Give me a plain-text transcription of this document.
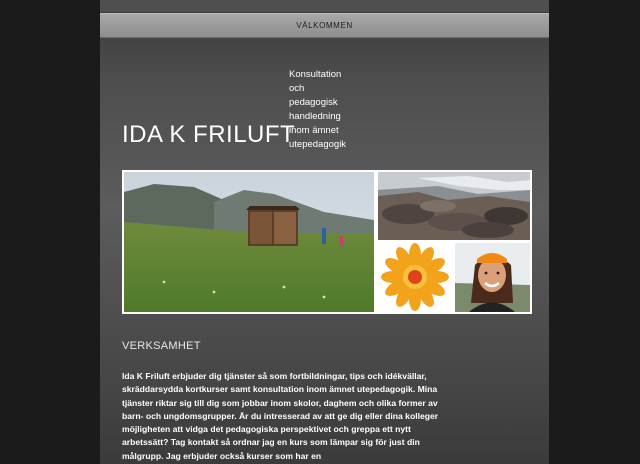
VÄLKOMMEN
IDA K FRILUFT
Konsultation
och
pedagogisk
handledning
inom ämnet
utepedagogik
VERKSAMHET
Ida K Friluft erbjuder dig tjänster så som fortbildningar, tips och idékvällar, skräddarsydda kortkurser samt konsultation inom ämnet utepedagogik. Mina tjänster riktar sig till dig som jobbar inom skolor, daghem och olika former av barn- och ungdomsgrupper. Är du intresserad av att ge dig eller dina kolleger möjligheten att vidga det pedagogiska perspektivet och greppa ett nytt arbetssätt? Tag kontakt så ordnar jag en kurs som lämpar sig för just din målgrupp. Jag erbjuder också kurser som har en
